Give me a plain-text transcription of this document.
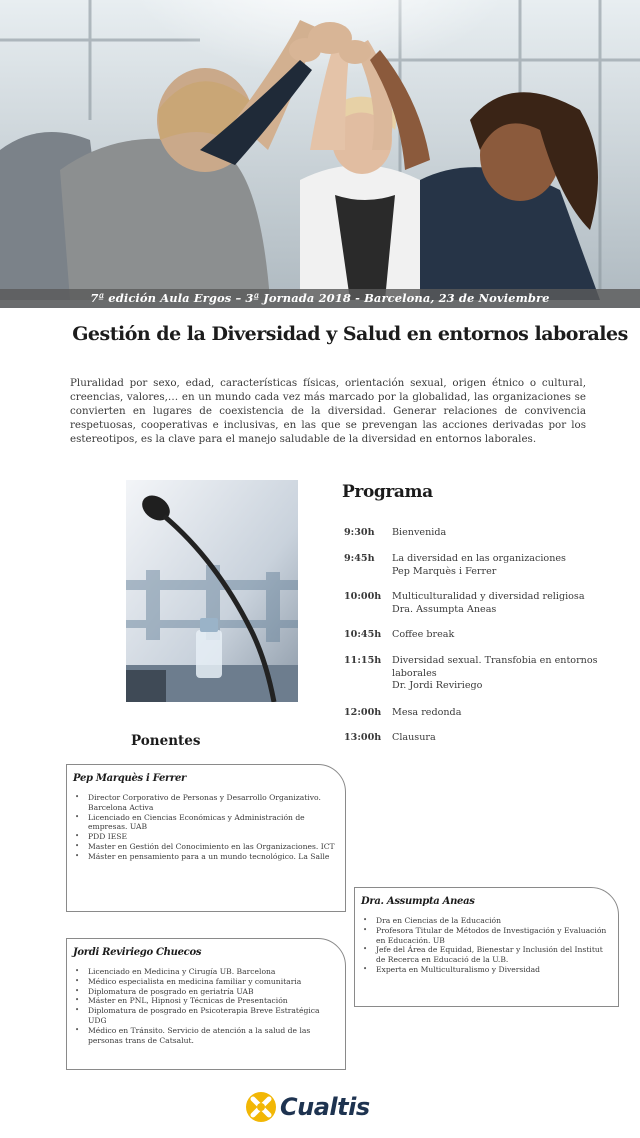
7ª edición Aula Ergos – 3ª Jornada 2018 - Barcelona, 23 de Noviembre
Gestión de la Diversidad y Salud en entornos laborales

Pluralidad por sexo, edad, características físicas, orientación sexual, origen étnico o cultural, creencias, valores,… en un mundo cada vez más marcado por la globalidad, las organizaciones se convierten en lugares de coexistencia de la diversidad. Generar relaciones de convivencia respetuosas, cooperativas e inclusivas, en las que se prevengan las acciones derivadas por los estereotipos, es la clave para el manejo saludable de la diversidad en entornos laborales.

Programa
9:30h	Bienvenida
9:45h	La diversidad en las organizaciones
Pep Marquès i Ferrer
10:00h	Multiculturalidad y diversidad religiosa
Dra. Assumpta Aneas
10:45h	Coffee break
11:15h	Diversidad sexual. Transfobia en entornos
laborales
Dr. Jordi Reviriego
12:00h	Mesa redonda
13:00h	Clausura
Ponentes
Pep Marquès i Ferrer
• Director Corporativo de Personas y Desarrollo Organizativo. Barcelona Activa
• Licenciado en Ciencias Económicas y Administración de empresas. UAB
• PDD IESE
• Master en Gestión del Conocimiento en las Organizaciones. ICT
• Máster en pensamiento para a un mundo tecnológico. La Salle
Dra. Assumpta Aneas
• Dra en Ciencias de la Educación
• Profesora Titular de Métodos de Investigación y Evaluación en Educación. UB
• Jefe del Área de Equidad, Bienestar y Inclusión del Institut de Recerca en Educació de la U.B.
• Experta en Multiculturalismo y Diversidad
Jordi Reviriego Chuecos
• Licenciado en Medicina y Cirugía UB. Barcelona
• Médico especialista en medicina familiar y comunitaria
• Diplomatura de posgrado en geriatría UAB
• Máster en PNL, Hipnosi y Técnicas de Presentación
• Diplomatura de posgrado en Psicoterapia Breve Estratégica UDG
• Médico en Tránsito. Servicio de atención a la salud de las personas trans de Catsalut.
Cualtis
